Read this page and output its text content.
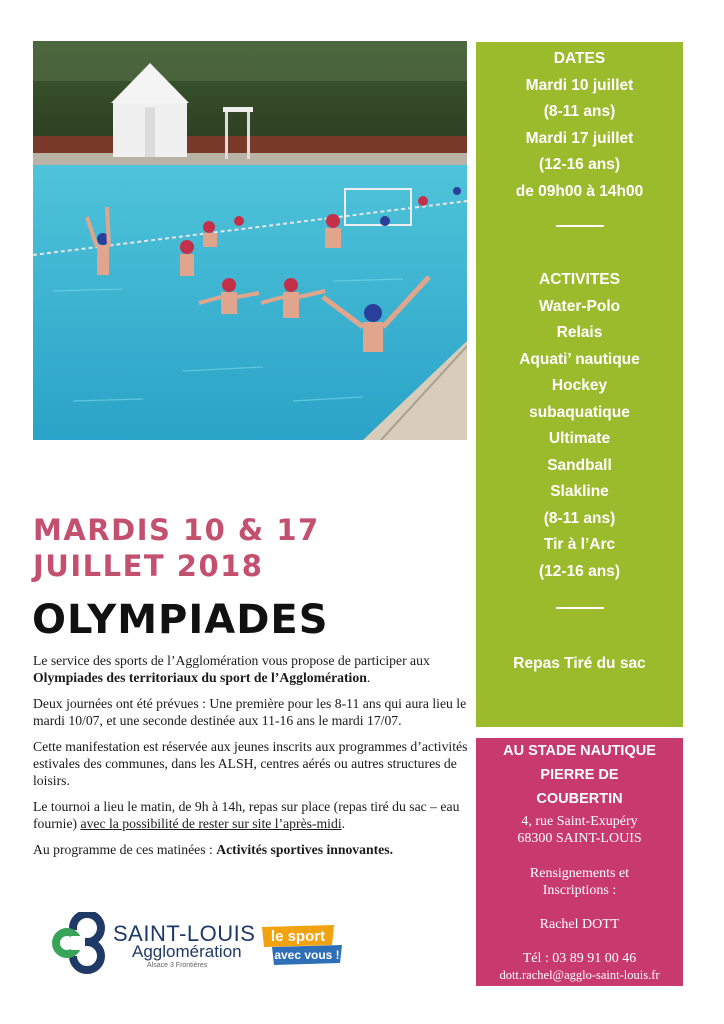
DATES
Mardi 10 juillet
(8-11 ans)
Mardi 17 juillet
(12-16 ans)
de 09h00 à 14h00
ACTIVITES
Water-Polo
Relais
Aquati’ nautique
Hockey
subaquatique
Ultimate
Sandball
Slakline
(8-11 ans)
Tir à l’Arc
(12-16 ans)
Repas Tiré du sac
AU STADE NAUTIQUE
PIERRE DE
COUBERTIN
4, rue Saint-Exupéry
68300 SAINT-LOUIS
Rensignements et
Inscriptions :
Rachel DOTT
Tél : 03 89 91 00 46
dott.rachel@agglo-saint-louis.fr
MARDIS 10 & 17
JUILLET 2018
OLYMPIADES

Le service des sports de l’Agglomération vous propose de participer aux Olympiades des territoriaux du sport de l’Agglomération.

Deux journées ont été prévues : Une première pour les 8-11 ans qui aura lieu le mardi 10/07, et une seconde destinée aux 11-16 ans le mardi 17/07.

Cette manifestation est réservée aux jeunes inscrits aux programmes d’activités estivales des communes, dans les ALSH, centres aérés ou autres structures de loisirs.

Le tournoi a lieu le matin, de 9h à 14h, repas sur place (repas tiré du sac – eau fournie) avec la possibilité de rester sur site l’après-midi.

Au programme de ces matinées : Activités sportives innovantes.

SAINT-LOUIS
Agglomération
Alsace 3 Frontières
le sport
avec vous !
